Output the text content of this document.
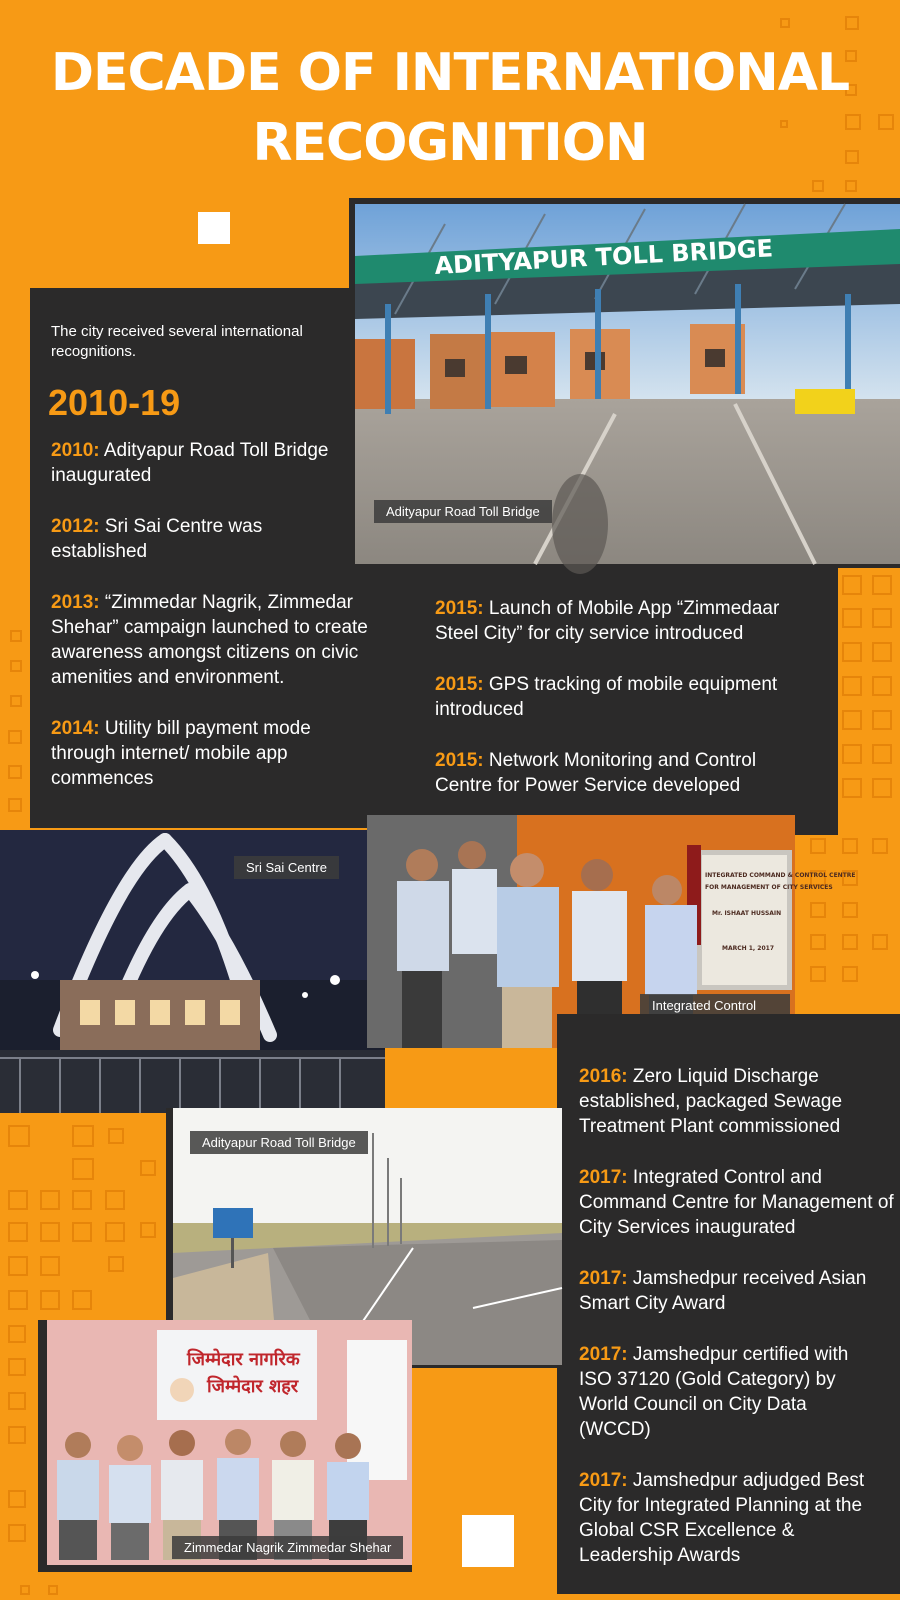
DECADE OF INTERNATIONAL
RECOGNITION
The city received several international recognitions.
2010-19
2010: Adityapur Road Toll Bridge inaugurated
2012: Sri Sai Centre was established
2013: “Zimmedar Nagrik, Zimmedar Shehar” campaign launched to create awareness amongst citizens on civic amenities and environment.
2014: Utility bill payment mode through internet/ mobile app commences
2015: Launch of Mobile App “Zimmedaar Steel City” for city service introduced
2015: GPS tracking of mobile equipment introduced
2015: Network Monitoring and Control Centre for Power Service developed
ADITYAPUR TOLL BRIDGE
Adityapur Road Toll Bridge
Sri Sai Centre
INTEGRATED COMMAND & CONTROL CENTRE
FOR MANAGEMENT OF CITY SERVICES
Mr. ISHAAT HUSSAIN
MARCH 1, 2017
Integrated Control
2016: Zero Liquid Discharge established, packaged Sewage Treatment Plant commissioned
2017: Integrated Control and Command Centre for Management of City Services inaugurated
2017: Jamshedpur received Asian Smart City Award
2017: Jamshedpur certified with ISO 37120 (Gold Category) by World Council on City Data (WCCD)
2017: Jamshedpur adjudged Best City for Integrated Planning at the Global CSR Excellence & Leadership Awards
Adityapur Road Toll Bridge
जिम्मेदार नागरिक
जिम्मेदार शहर
Zimmedar Nagrik Zimmedar Shehar
